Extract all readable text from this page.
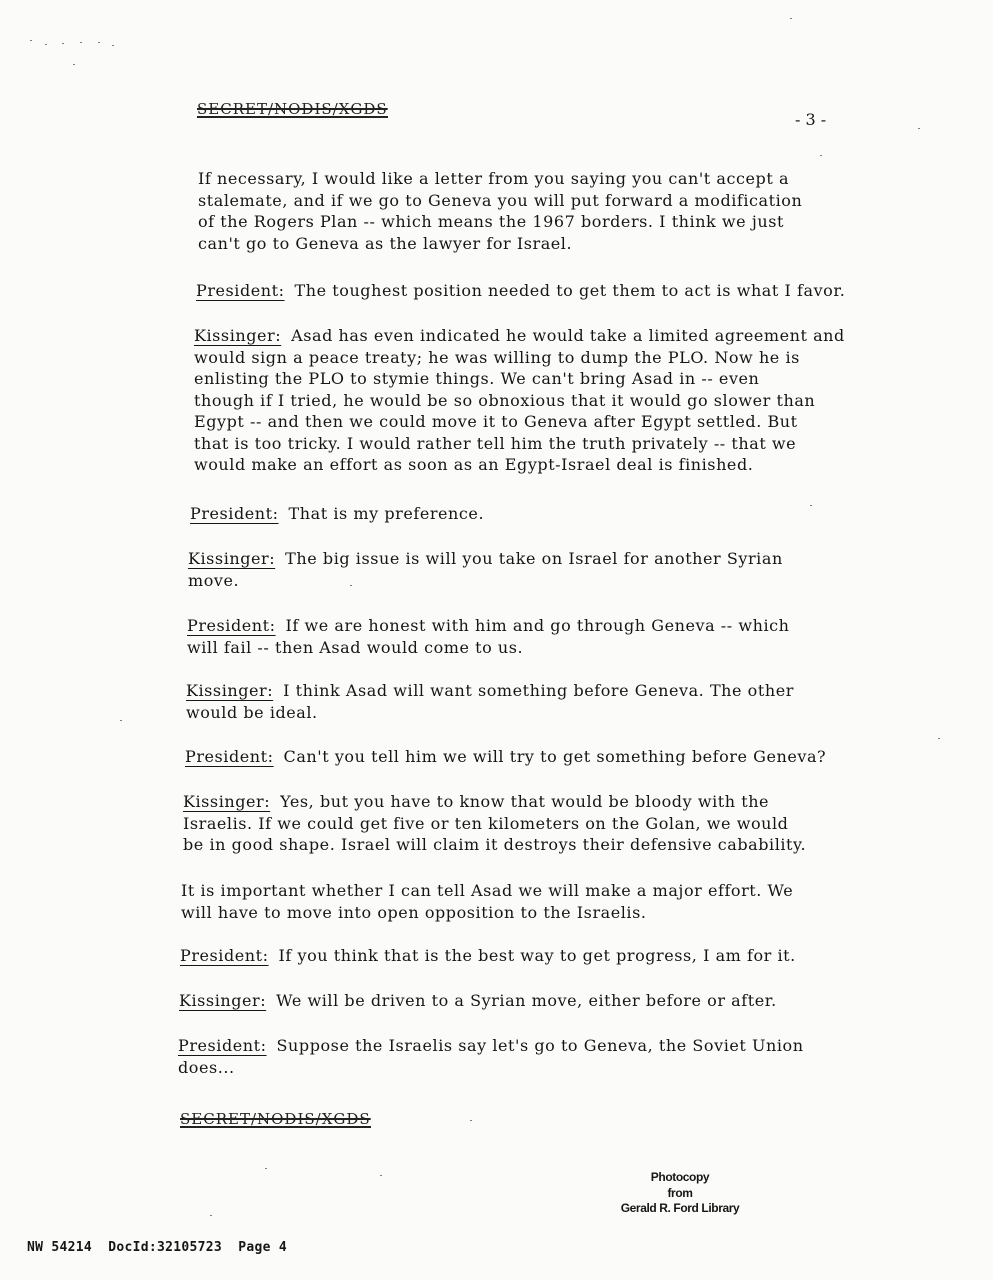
SECRET/NODIS/XGDS
- 3 -
If necessary, I would like a letter from you saying you can't accept a
stalemate, and if we go to Geneva you will put forward a modification
of the Rogers Plan -- which means the 1967 borders. I think we just
can't go to Geneva as the lawyer for Israel.
President: The toughest position needed to get them to act is what I favor.
Kissinger: Asad has even indicated he would take a limited agreement and
would sign a peace treaty; he was willing to dump the PLO. Now he is
enlisting the PLO to stymie things. We can't bring Asad in -- even
though if I tried, he would be so obnoxious that it would go slower than
Egypt -- and then we could move it to Geneva after Egypt settled. But
that is too tricky. I would rather tell him the truth privately -- that we
would make an effort as soon as an Egypt-Israel deal is finished.
President: That is my preference.
Kissinger: The big issue is will you take on Israel for another Syrian
move.
President: If we are honest with him and go through Geneva -- which
will fail -- then Asad would come to us.
Kissinger: I think Asad will want something before Geneva. The other
would be ideal.
President: Can't you tell him we will try to get something before Geneva?
Kissinger: Yes, but you have to know that would be bloody with the
Israelis. If we could get five or ten kilometers on the Golan, we would
be in good shape. Israel will claim it destroys their defensive cabability.
It is important whether I can tell Asad we will make a major effort. We
will have to move into open opposition to the Israelis.
President: If you think that is the best way to get progress, I am for it.
Kissinger: We will be driven to a Syrian move, either before or after.
President: Suppose the Israelis say let's go to Geneva, the Soviet Union
does...
SECRET/NODIS/XGDS
Photocopy
from
Gerald R. Ford Library
NW 54214  DocId:32105723  Page 4
